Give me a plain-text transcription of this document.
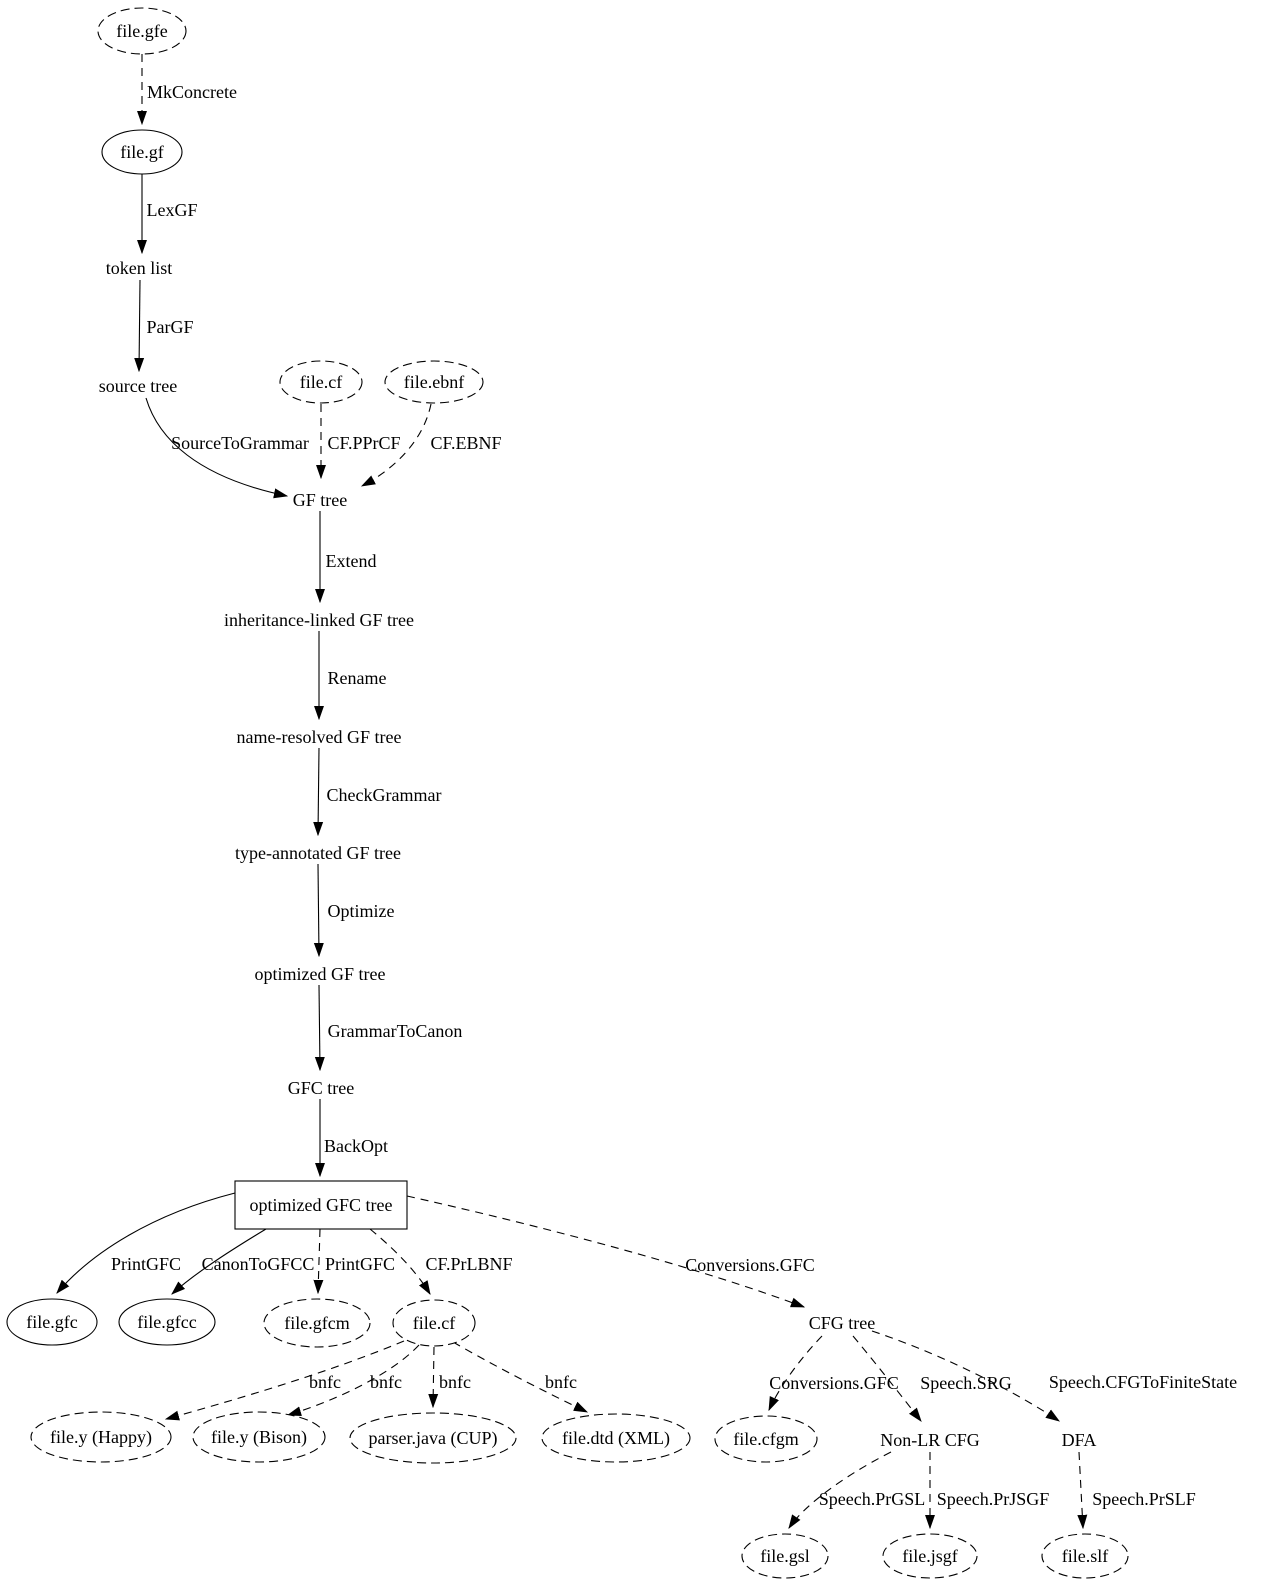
MkConcrete
LexGF
ParGF
SourceToGrammar CF.PPrCF CF.EBNF
Extend
Rename
CheckGrammar
Optimize
GrammarToCanon
BackOpt
PrintGFC CanonToGFCC PrintGFC CF.PrLBNF	Conversions.GFC
bnfc bnfc bnfc	bnfc	Conversions.GFC Speech.SRG Speech.CFGToFiniteState
Speech.PrGSL Speech.PrJSGF Speech.PrSLF
file.gfe
file.gf
token list
source tree	file.cf	file.ebnf
GF tree
inheritance-linked GF tree
name-resolved GF tree
type-annotated GF tree
optimized GF tree
GFC tree
optimized GFC tree
file.gfc	file.gfcc	file.gfcm	file.cf	CFG tree
file.y (Happy)	file.y (Bison)	parser.java (CUP)	file.dtd (XML)	file.cfgm	Non-LR CFG	DFA
file.gsl	file.jsgf	file.slf
